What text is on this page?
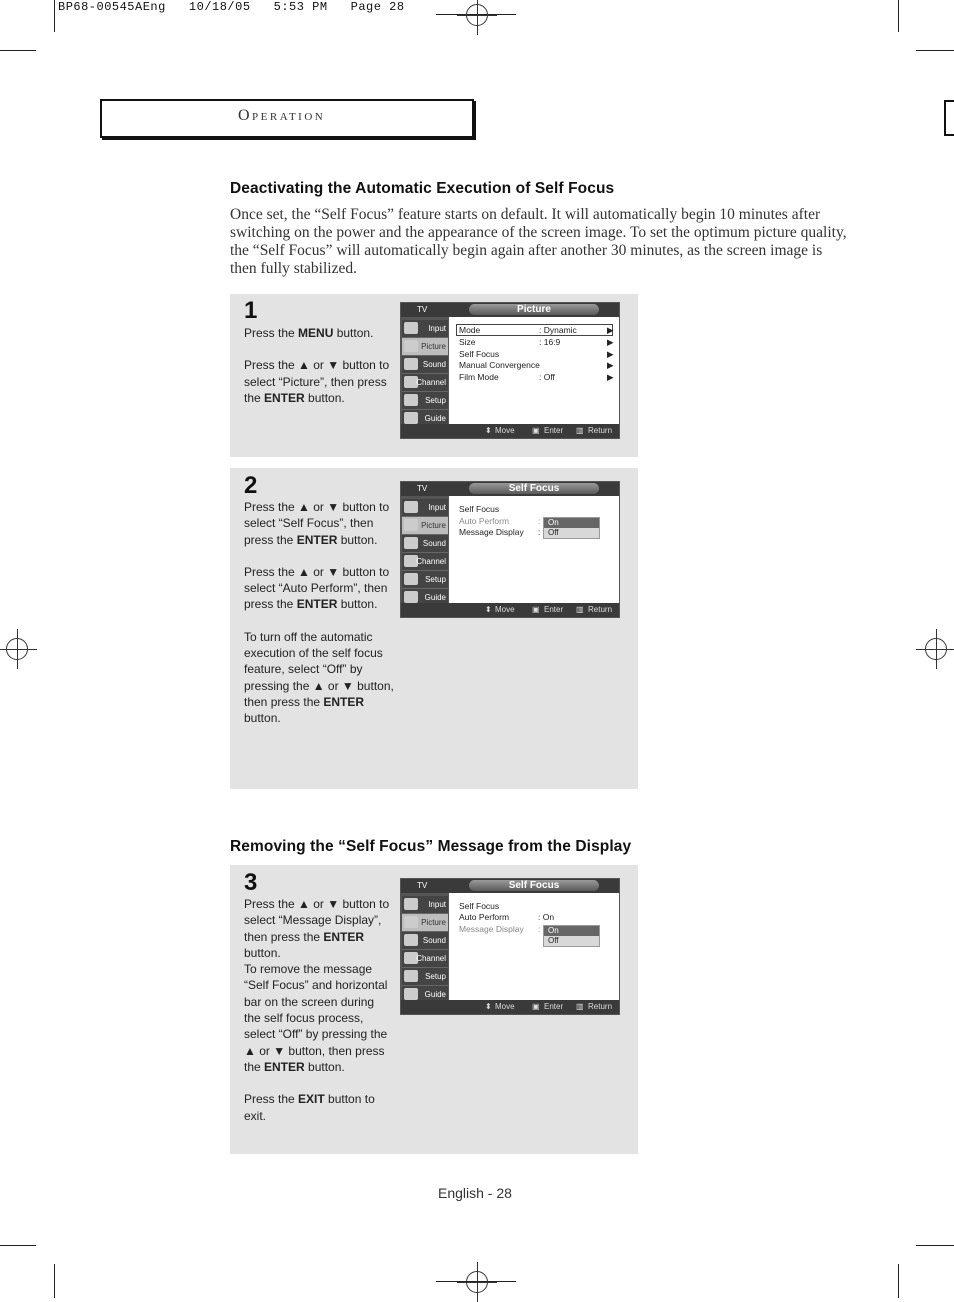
BP68-00545AEng   10/18/05   5:53 PM   Page 28
Operation
Deactivating the Automatic Execution of Self Focus
Once set, the “Self Focus” feature starts on default. It will automatically begin 10 minutes after switching on the power and the appearance of the screen image. To set the optimum picture quality, the “Self Focus” will automatically begin again after another 30 minutes, as the screen image is then fully stabilized.
1

Press the MENU button.

Press the ▲ or ▼ button to select “Picture”, then press the ENTER button.

TV	Picture
Input
Picture
Sound
Channel
Setup
Guide
Mode	: Dynamic	▶
Size	: 16:9	▶
Self Focus	▶
Manual Convergence	▶
Film Mode	: Off	▶
⬍ Move ▣ Enter ▥ Return
2

Press the ▲ or ▼ button to select “Self Focus”, then press the ENTER button.

Press the ▲ or ▼ button to select “Auto Perform”, then press the ENTER button.

To turn off the automatic execution of the self focus feature, select “Off” by pressing the ▲ or ▼ button, then press the ENTER button.

TV	Self Focus
Input
Picture
Sound
Channel
Setup
Guide
Self Focus
Auto Perform	:
Message Display :
On
Off
⬍ Move ▣ Enter ▥ Return
Removing the “Self Focus” Message from the Display
3

Press the ▲ or ▼ button to select “Message Display”, then press the ENTER button.

To remove the message “Self Focus” and horizontal bar on the screen during the self focus process, select “Off” by pressing the ▲ or ▼ button, then press the ENTER button.

Press the EXIT button to exit.

TV	Self Focus
Input
Picture
Sound
Channel
Setup
Guide
Self Focus
Auto Perform	: On
Message Display : On
Off
⬍ Move ▣ Enter ▥ Return
English - 28
